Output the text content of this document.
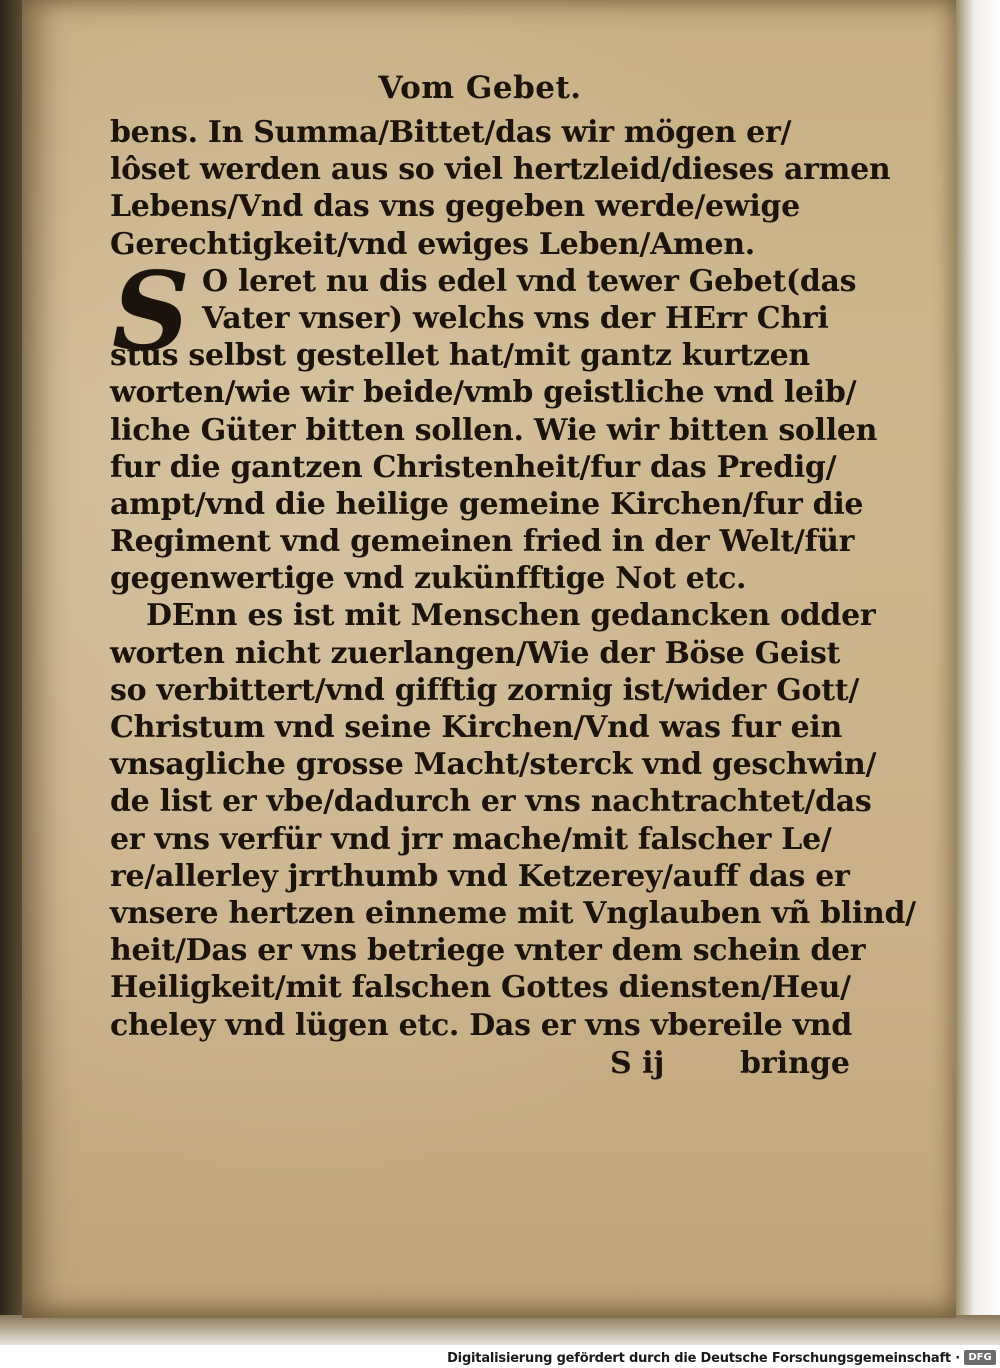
Vom Gebet.
bens. In Summa/Bittet/das wir mögen er/
lôset werden aus so viel hertzleid/dieses armen
Lebens/Vnd das vns gegeben werde/ewige
Gerechtigkeit/vnd ewiges Leben/Amen.
S O leret nu dis edel vnd tewer Gebet(das
Vater vnser) welchs vns der HErr Chri
stus selbst gestellet hat/mit gantz kurtzen
worten/wie wir beide/vmb geistliche vnd leib/
liche Güter bitten sollen. Wie wir bitten sollen
fur die gantzen Christenheit/fur das Predig/
ampt/vnd die heilige gemeine Kirchen/fur die
Regiment vnd gemeinen fried in der Welt/für
gegenwertige vnd zukünfftige Not etc.
DEnn es ist mit Menschen gedancken odder
worten nicht zuerlangen/Wie der Böse Geist
so verbittert/vnd gifftig zornig ist/wider Gott/
Christum vnd seine Kirchen/Vnd was fur ein
vnsagliche grosse Macht/sterck vnd geschwin/
de list er vbe/dadurch er vns nachtrachtet/das
er vns verfür vnd jrr mache/mit falscher Le/
re/allerley jrrthumb vnd Ketzerey/auff das er
vnsere hertzen einneme mit Vnglauben vñ blind/
heit/Das er vns betriege vnter dem schein der
Heiligkeit/mit falschen Gottes diensten/Heu/
cheley vnd lügen etc. Das er vns vbereile vnd
S ij	bringe
Digitalisierung gefördert durch die Deutsche Forschungsgemeinschaft · DFG
